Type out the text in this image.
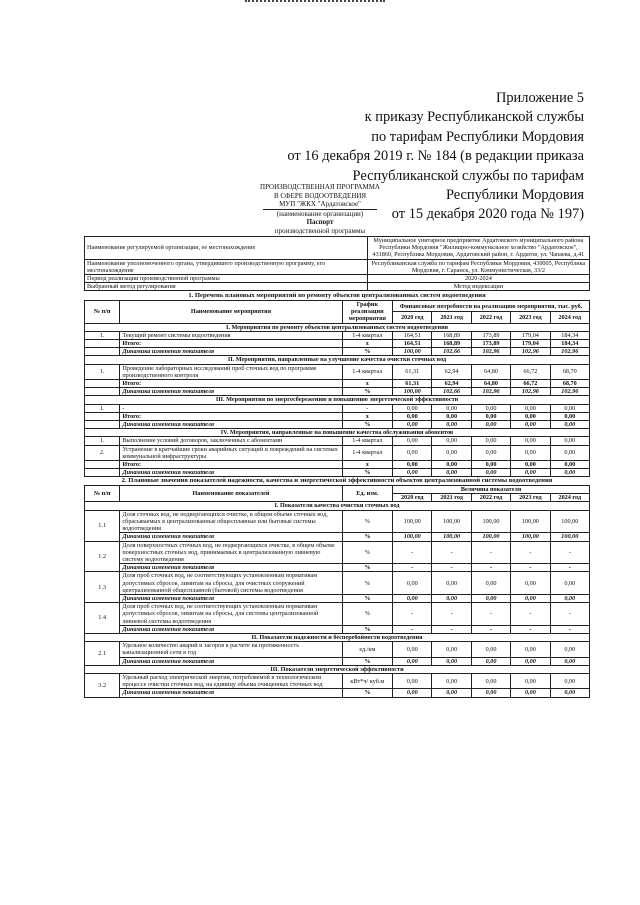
Приложение 5
к приказу Республиканской службы
по тарифам Республики Мордовия
от 16 декабря 2019 г. № 184 (в редакции приказа
Республиканской службы по тарифам
Республики Мордовия
от 15 декабря 2020 года № 197)
ПРОИЗВОДСТВЕННАЯ ПРОГРАММА
В СФЕРЕ ВОДООТВЕДЕНИЯ
МУП "ЖКХ "Ардатовское"
(наименование организации)
Паспорт
производственной программы
Наименование регулируемой организации, ее местонахождение	Муниципальное унитарное предприятие Ардатовского муниципального района Республики Мордовия "Жилищно-коммунальное хозяйство "Ардатовское", 431860, Республика Мордовия, Ардатовский район, г. Ардатов, ул. Чапаева, д.41
Наименование уполномоченного органа, утвердившего производственную программу, его местонахождение	Республиканская служба по тарифам Республики Мордовия, 430005, Республика Мордовия, г. Саранск, ул. Коммунистическая, 33/2
Период реализации производственной программы	2020-2024
Выбранный метод регулирования	Метод индексации
1. Перечень плановых мероприятий по ремонту объектов централизованных систем водоотведения
№ п/п	Наименование мероприятия	График реализации мероприятия	Финансовые потребности на реализацию мероприятия, тыс. руб.				
			2020 год	2021 год	2022 год	2023 год	2024 год
I. Мероприятия по ремонту объектов централизованных систем водоотведения							
1.	Текущий ремонт системы водоотведения	1-4 квартал	164,51	168,89	173,89	179,04	184,34
	Итого:	х	164,51	168,89	173,89	179,04	184,34
	Динамика изменения показателя	%	100,00	102,66	102,96	102,96	102,96
II. Мероприятия, направленные на улучшение качества очистки сточных вод							
1.	Проведение лабораторных исследований проб сточных вод по программе производственного контроля	1-4 квартал	61,31	62,94	64,80	66,72	68,70
	Итого:	х	61,31	62,94	64,80	66,72	68,70
	Динамика изменения показателя	%	100,00	102,66	102,96	102,96	102,96
III. Мероприятия по энергосбережению и повышению энергетической эффективности							
1.	-	-	0,00	0,00	0,00	0,00	0,00
	Итого:	х	0,00	0,00	0,00	0,00	0,00
	Динамика изменения показателя	%	0,00	0,00	0,00	0,00	0,00
IV. Мероприятия, направленные на повышение качества обслуживания абонентов							
1.	Выполнение условий договоров, заключенных с абонентами	1-4 квартал	0,00	0,00	0,00	0,00	0,00
2.	Устранение в кратчайшие сроки аварийных ситуаций и повреждений на системах коммунальной инфраструктуры	1-4 квартал	0,00	0,00	0,00	0,00	0,00
	Итого:	х	0,00	0,00	0,00	0,00	0,00
	Динамика изменения показателя	%	0,00	0,00	0,00	0,00	0,00
2. Плановые значения показателей надежности, качества и энергетической эффективности объектов централизованной системы водоотведения
№ п/п	Наименование показателей	Ед. изм.	Величина показателя				
			2020 год	2021 год	2022 год	2023 год	2024 год
I. Показатели качества очистки сточных вод							
1.1	Доля сточных вод, не подвергающихся очистке, в общем объеме сточных вод, сбрасываемых в централизованные общесплавные или бытовые системы водоотведения	%	100,00	100,00	100,00	100,00	100,00
	Динамика изменения показателя	%	100,00	100,00	100,00	100,00	100,00
1.2	Доля поверхностных сточных вод, не подвергающихся очистке, в общем объеме поверхностных сточных вод, принимаемых в централизованную ливневую систему водоотведения	%	-	-	-	-	-
	Динамика изменения показателя	%	-	-	-	-	-
1.3	Доля проб сточных вод, не соответствующих установленным нормативам допустимых сбросов, лимитам на сбросы, для очистных сооружений централизованной общесплавной (бытовой) системы водоотведения	%	0,00	0,00	0,00	0,00	0,00
	Динамика изменения показателя	%	0,00	0,00	0,00	0,00	0,00
1.4	Доля проб сточных вод, не соответствующих установленным нормативам допустимых сбросов, лимитам на сбросы, для системы централизованной ливневой системы водоотведения	%	-	-	-	-	-
	Динамика изменения показателя	%	-	-	-	-	-
II. Показатели надежности и бесперебойности водоотведения							
2.1	Удельное количество аварий и засоров в расчете на протяженность канализационной сети в год	ед./км	0,00	0,00	0,00	0,00	0,00
	Динамика изменения показателя	%	0,00	0,00	0,00	0,00	0,00
III. Показатели энергетической эффективности							
3.2	Удельный расход электрической энергии, потребляемой в технологическом процессе очистки сточных вод, на единицу объема очищенных сточных вод	кВт*ч/ куб.м	0,00	0,00	0,00	0,00	0,00
	Динамика изменения показателя	%	0,00	0,00	0,00	0,00	0,00
